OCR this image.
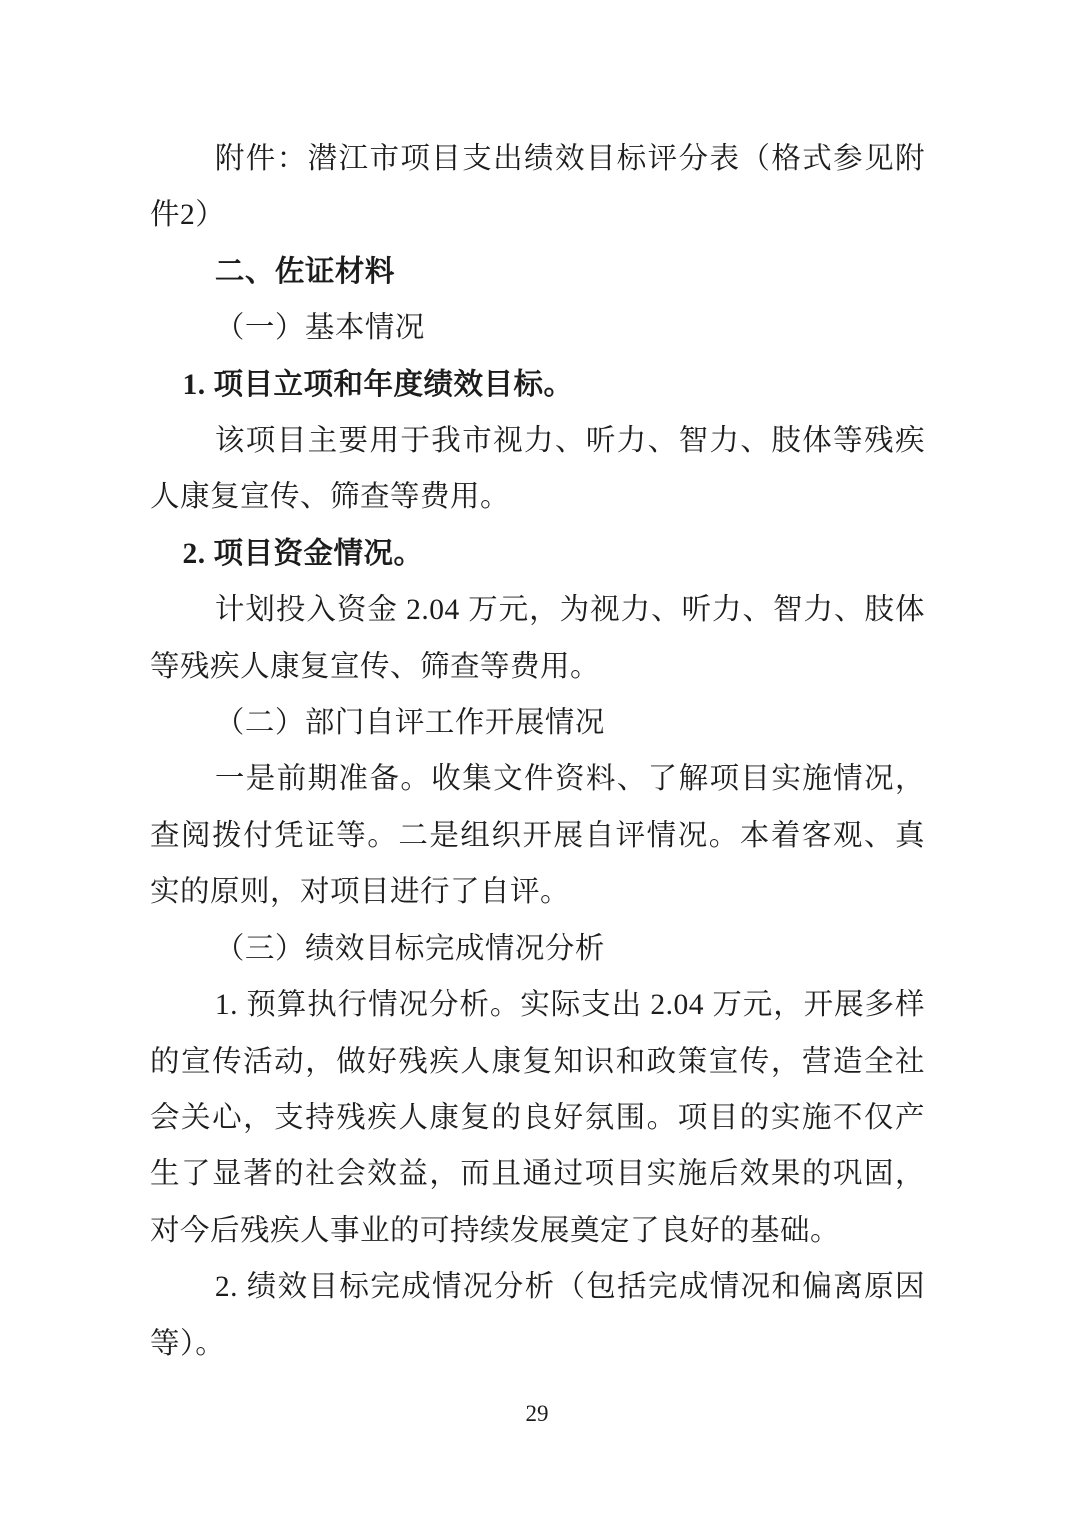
附件：潜江市项目支出绩效目标评分表（格式参见附件2）

二、佐证材料

（一）基本情况

1. 项目立项和年度绩效目标。

该项目主要用于我市视力、听力、智力、肢体等残疾人康复宣传、筛查等费用。

2. 项目资金情况。

计划投入资金 2.04 万元，为视力、听力、智力、肢体等残疾人康复宣传、筛查等费用。

（二）部门自评工作开展情况

一是前期准备。收集文件资料、了解项目实施情况，查阅拨付凭证等。二是组织开展自评情况。本着客观、真实的原则，对项目进行了自评。

（三）绩效目标完成情况分析

1. 预算执行情况分析。实际支出 2.04 万元，开展多样的宣传活动，做好残疾人康复知识和政策宣传，营造全社会关心，支持残疾人康复的良好氛围。项目的实施不仅产生了显著的社会效益，而且通过项目实施后效果的巩固，对今后残疾人事业的可持续发展奠定了良好的基础。

2. 绩效目标完成情况分析（包括完成情况和偏离原因等）。

29
